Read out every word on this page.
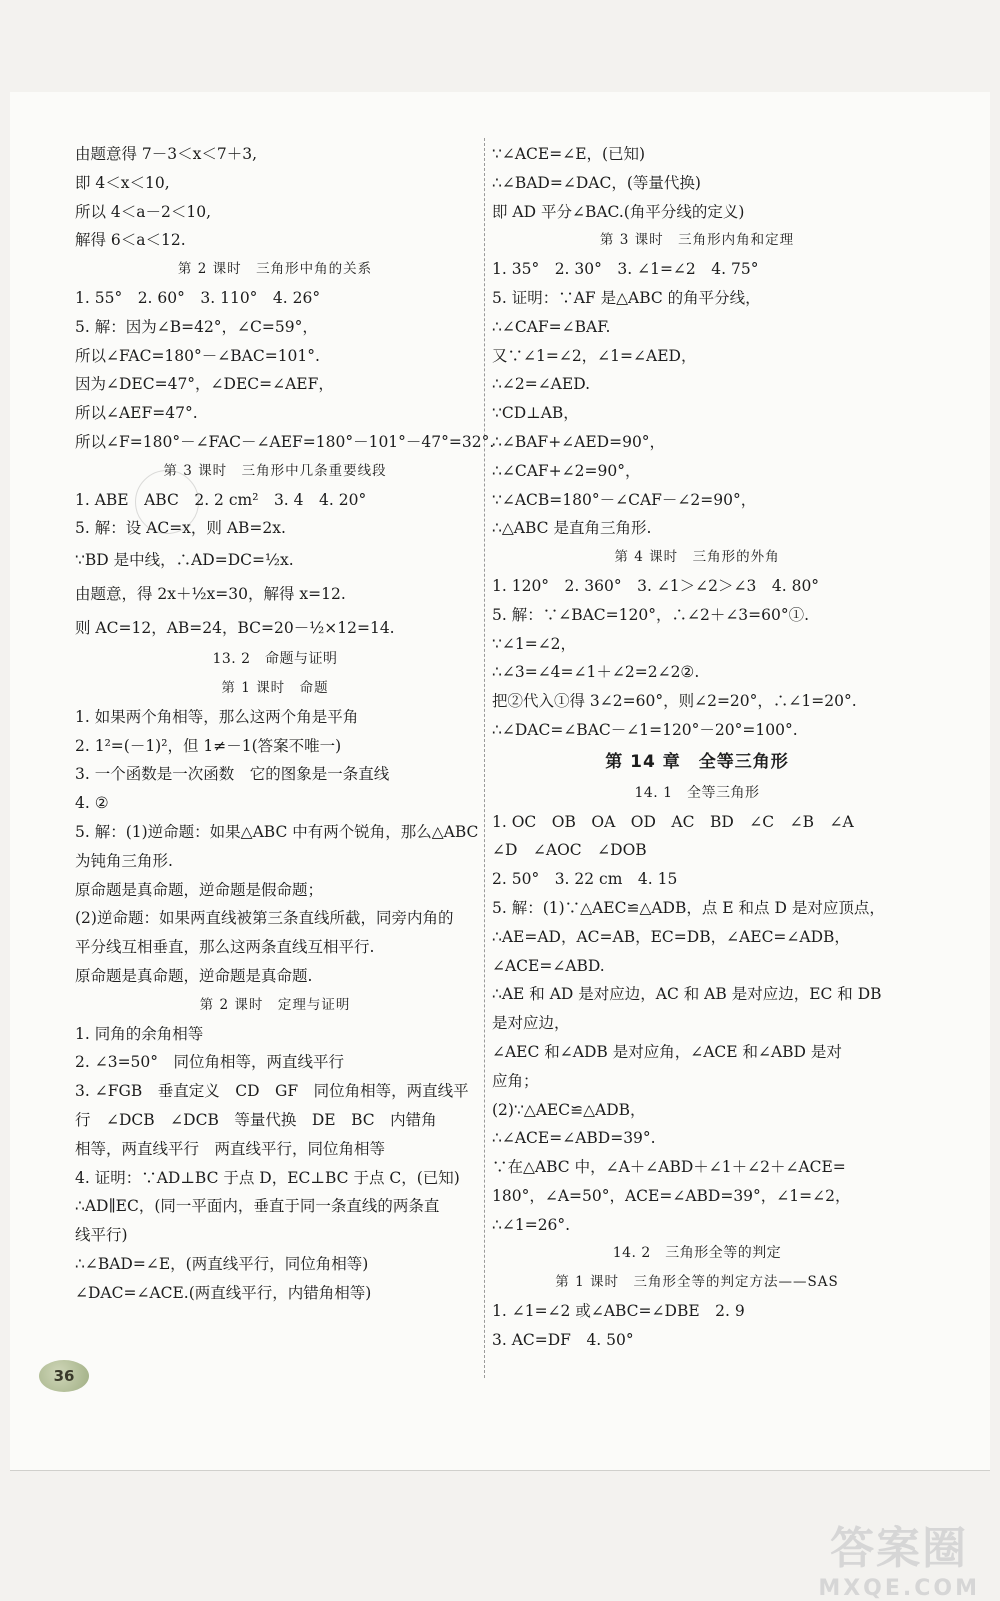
由题意得 7－3＜x＜7＋3,
即 4＜x＜10,
所以 4＜a－2＜10,
解得 6＜a＜12.
第 2 课时　三角形中角的关系
1. 55°　2. 60°　3. 110°　4. 26°
5. 解：因为∠B=42°，∠C=59°，
所以∠FAC=180°－∠BAC=101°.
因为∠DEC=47°，∠DEC=∠AEF，
所以∠AEF=47°.
所以∠F=180°－∠FAC－∠AEF=180°－101°－47°=32°.
第 3 课时　三角形中几条重要线段
1. ABE　ABC　2. 2 cm²　3. 4　4. 20°
5. 解：设 AC=x，则 AB=2x.
∵BD 是中线，∴AD=DC=½x.
由题意，得 2x＋½x=30，解得 x=12.
则 AC=12，AB=24，BC=20－½×12=14.
13. 2　命题与证明
第 1 课时　命题
1. 如果两个角相等，那么这两个角是平角
2. 1²=(－1)²，但 1≠－1(答案不唯一)
3. 一个函数是一次函数　它的图象是一条直线
4. ②
5. 解：(1)逆命题：如果△ABC 中有两个锐角，那么△ABC
为钝角三角形.
原命题是真命题，逆命题是假命题；
(2)逆命题：如果两直线被第三条直线所截，同旁内角的
平分线互相垂直，那么这两条直线互相平行.
原命题是真命题，逆命题是真命题.
第 2 课时　定理与证明
1. 同角的余角相等
2. ∠3=50°　同位角相等，两直线平行
3. ∠FGB　垂直定义　CD　GF　同位角相等，两直线平
行　∠DCB　∠DCB　等量代换　DE　BC　内错角
相等，两直线平行　两直线平行，同位角相等
4. 证明：∵AD⊥BC 于点 D，EC⊥BC 于点 C，(已知)
∴AD∥EC，(同一平面内，垂直于同一条直线的两条直
线平行)
∴∠BAD=∠E，(两直线平行，同位角相等)
∠DAC=∠ACE.(两直线平行，内错角相等)
∵∠ACE=∠E，(已知)
∴∠BAD=∠DAC，(等量代换)
即 AD 平分∠BAC.(角平分线的定义)
第 3 课时　三角形内角和定理
1. 35°　2. 30°　3. ∠1=∠2　4. 75°
5. 证明：∵AF 是△ABC 的角平分线，
∴∠CAF=∠BAF.
又∵∠1=∠2，∠1=∠AED，
∴∠2=∠AED.
∵CD⊥AB，
∴∠BAF+∠AED=90°，
∴∠CAF+∠2=90°，
∵∠ACB=180°－∠CAF－∠2=90°，
∴△ABC 是直角三角形.
第 4 课时　三角形的外角
1. 120°　2. 360°　3. ∠1＞∠2＞∠3　4. 80°
5. 解：∵∠BAC=120°，∴∠2＋∠3=60°①.
∵∠1=∠2，
∴∠3=∠4=∠1＋∠2=2∠2②.
把②代入①得 3∠2=60°，则∠2=20°，∴∠1=20°.
∴∠DAC=∠BAC－∠1=120°－20°=100°.
第 14 章　全等三角形
14. 1　全等三角形
1. OC　OB　OA　OD　AC　BD　∠C　∠B　∠A
∠D　∠AOC　∠DOB
2. 50°　3. 22 cm　4. 15
5. 解：(1)∵△AEC≌△ADB，点 E 和点 D 是对应顶点，
∴AE=AD，AC=AB，EC=DB，∠AEC=∠ADB，
∠ACE=∠ABD.
∴AE 和 AD 是对应边，AC 和 AB 是对应边，EC 和 DB
是对应边，
∠AEC 和∠ADB 是对应角，∠ACE 和∠ABD 是对
应角；
(2)∵△AEC≌△ADB，
∴∠ACE=∠ABD=39°.
∵在△ABC 中，∠A＋∠ABD＋∠1＋∠2＋∠ACE=
180°，∠A=50°，ACE=∠ABD=39°，∠1=∠2，
∴∠1=26°.
14. 2　三角形全等的判定
第 1 课时　三角形全等的判定方法——SAS
1. ∠1=∠2 或∠ABC=∠DBE　2. 9
3. AC=DF　4. 50°
36
答案圈
MXQE.COM
